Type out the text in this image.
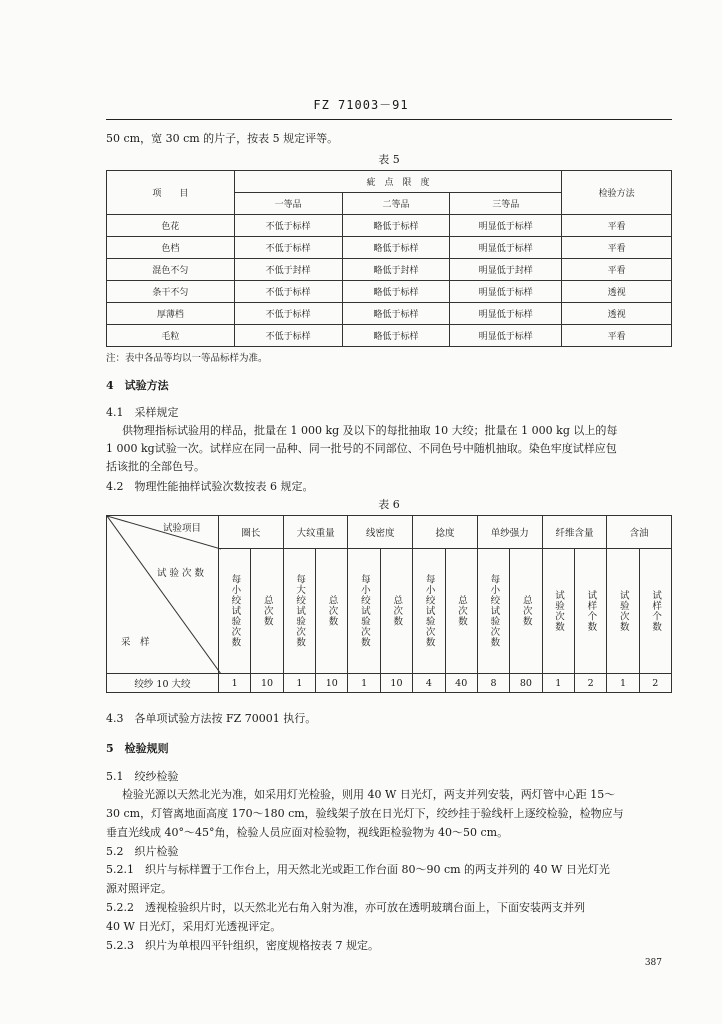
FZ 71003－91
50 cm，宽 30 cm 的片子，按表 5 规定评等。
表 5
项　　目	疵　点　限　度			检验方法
	一等品	二等品	三等品	
色花	不低于标样	略低于标样	明显低于标样	平看
色档	不低于标样	略低于标样	明显低于标样	平看
混色不匀	不低于封样	略低于封样	明显低于封样	平看
条干不匀	不低于标样	略低于标样	明显低于标样	透视
厚薄档	不低于标样	略低于标样	明显低于标样	透视
毛粒	不低于标样	略低于标样	明显低于标样	平看
注：表中各品等均以一等品标样为准。
4　试验方法
4.1　采样规定
供物理指标试验用的样品，批量在 1 000 kg 及以下的每批抽取 10 大绞；批量在 1 000 kg 以上的每
1 000 kg试验一次。试样应在同一品种、同一批号的不同部位、不同色号中随机抽取。染色牢度试样应包
括该批的全部色号。
4.2　物理性能抽样试验次数按表 6 规定。
表 6
试验项目
试 验 次 数
采　样	圈长		大纹重量		线密度		捻度		单纱强力		纤维含量		含油	

	每小绞试验次数	总次数	每大绞试验次数	总次数	每小绞试验次数	总次数	每小绞试验次数	总次数	每小绞试验次数	总次数	试验次数	试样个数	试验次数	试样个数

绞纱 10 大绞	1	10	1	10	1	10	4	40	8	80	1	2	1	2
4.3　各单项试验方法按 FZ 70001 执行。
5　检验规则
5.1　绞纱检验
检验光源以天然北光为准，如采用灯光检验，则用 40 W 日光灯，两支并列安装，两灯管中心距 15～
30 cm，灯管离地面高度 170～180 cm，验线架子放在日光灯下，绞纱挂于验线杆上逐绞检验，检物应与
垂直光线成 40°～45°角，检验人员应面对检验物，视线距检验物为 40～50 cm。
5.2　织片检验
5.2.1　织片与标样置于工作台上，用天然北光或距工作台面 80～90 cm 的两支并列的 40 W 日光灯光
源对照评定。
5.2.2　透视检验织片时，以天然北光右角入射为准，亦可放在透明玻璃台面上，下面安装两支并列
40 W 日光灯，采用灯光透视评定。
5.2.3　织片为单根四平针组织，密度规格按表 7 规定。
387
